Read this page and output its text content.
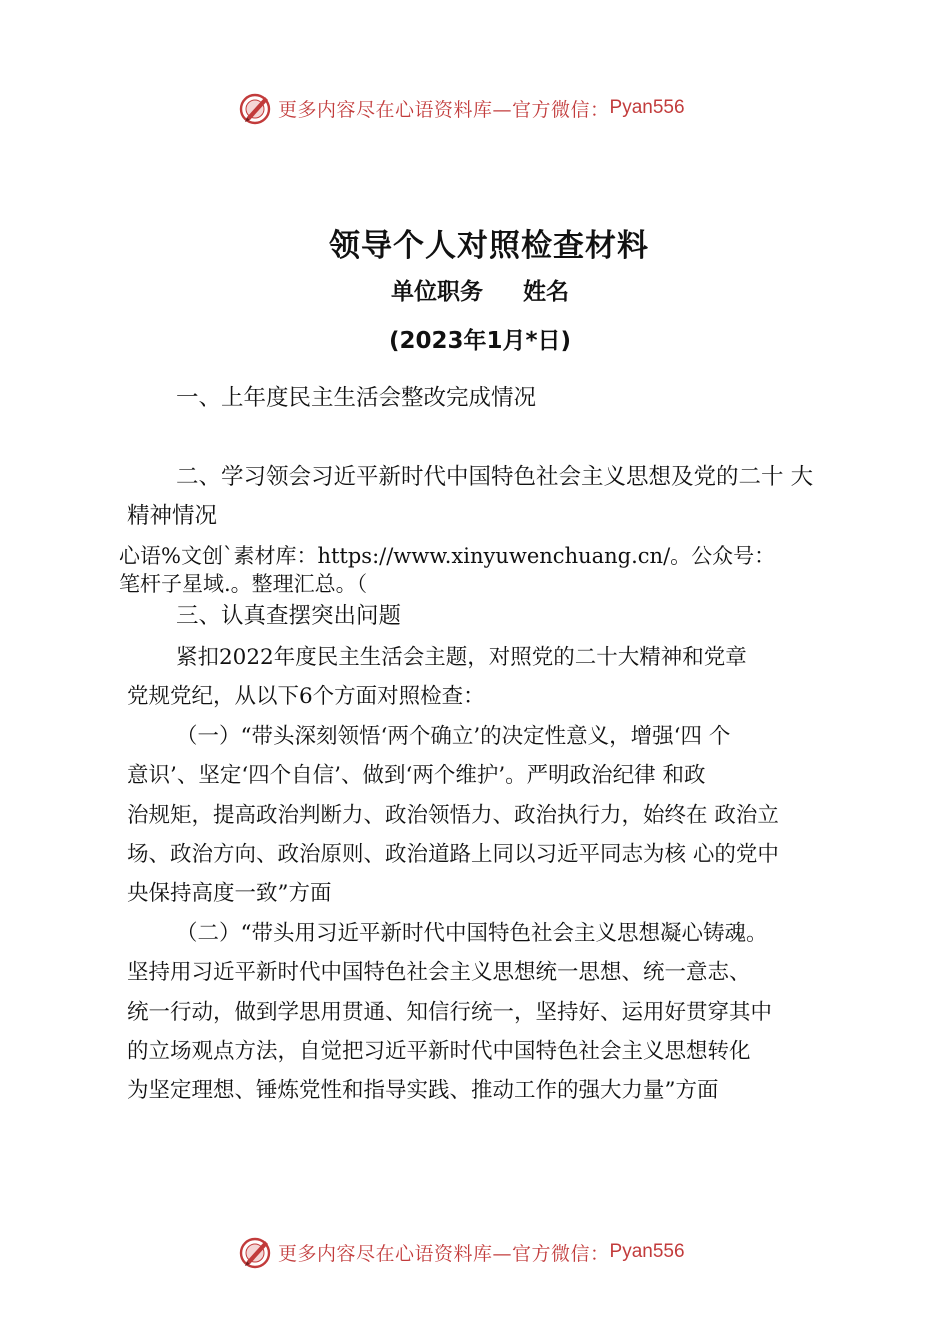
更多内容尽在心语资料库—官方微信： Pyan556
领导个人对照检查材料
单位职务 姓名
(2023年1月*日)
一、上年度民主生活会整改完成情况
二、学习领会习近平新时代中国特色社会主义思想及党的二十 大
精神情况
心语%文创`素材库：https://www.xinyuwenchuang.cn/。公众号：
笔杆子星域.。整理汇总。（
三、认真查摆突出问题
紧扣2022年度民主生活会主题，对照党的二十大精神和党章
党规党纪，从以下6个方面对照检查：
（一）“带头深刻领悟‘两个确立’的决定性意义，增强‘四 个
意识’、坚定‘四个自信’、做到‘两个维护’。严明政治纪律 和政
治规矩，提高政治判断力、政治领悟力、政治执行力，始终在 政治立
场、政治方向、政治原则、政治道路上同以习近平同志为核 心的党中
央保持高度一致”方面
（二）“带头用习近平新时代中国特色社会主义思想凝心铸魂。
坚持用习近平新时代中国特色社会主义思想统一思想、统一意志、
统一行动，做到学思用贯通、知信行统一，坚持好、运用好贯穿其中
的立场观点方法，自觉把习近平新时代中国特色社会主义思想转化
为坚定理想、锤炼党性和指导实践、推动工作的强大力量”方面
更多内容尽在心语资料库—官方微信： Pyan556
